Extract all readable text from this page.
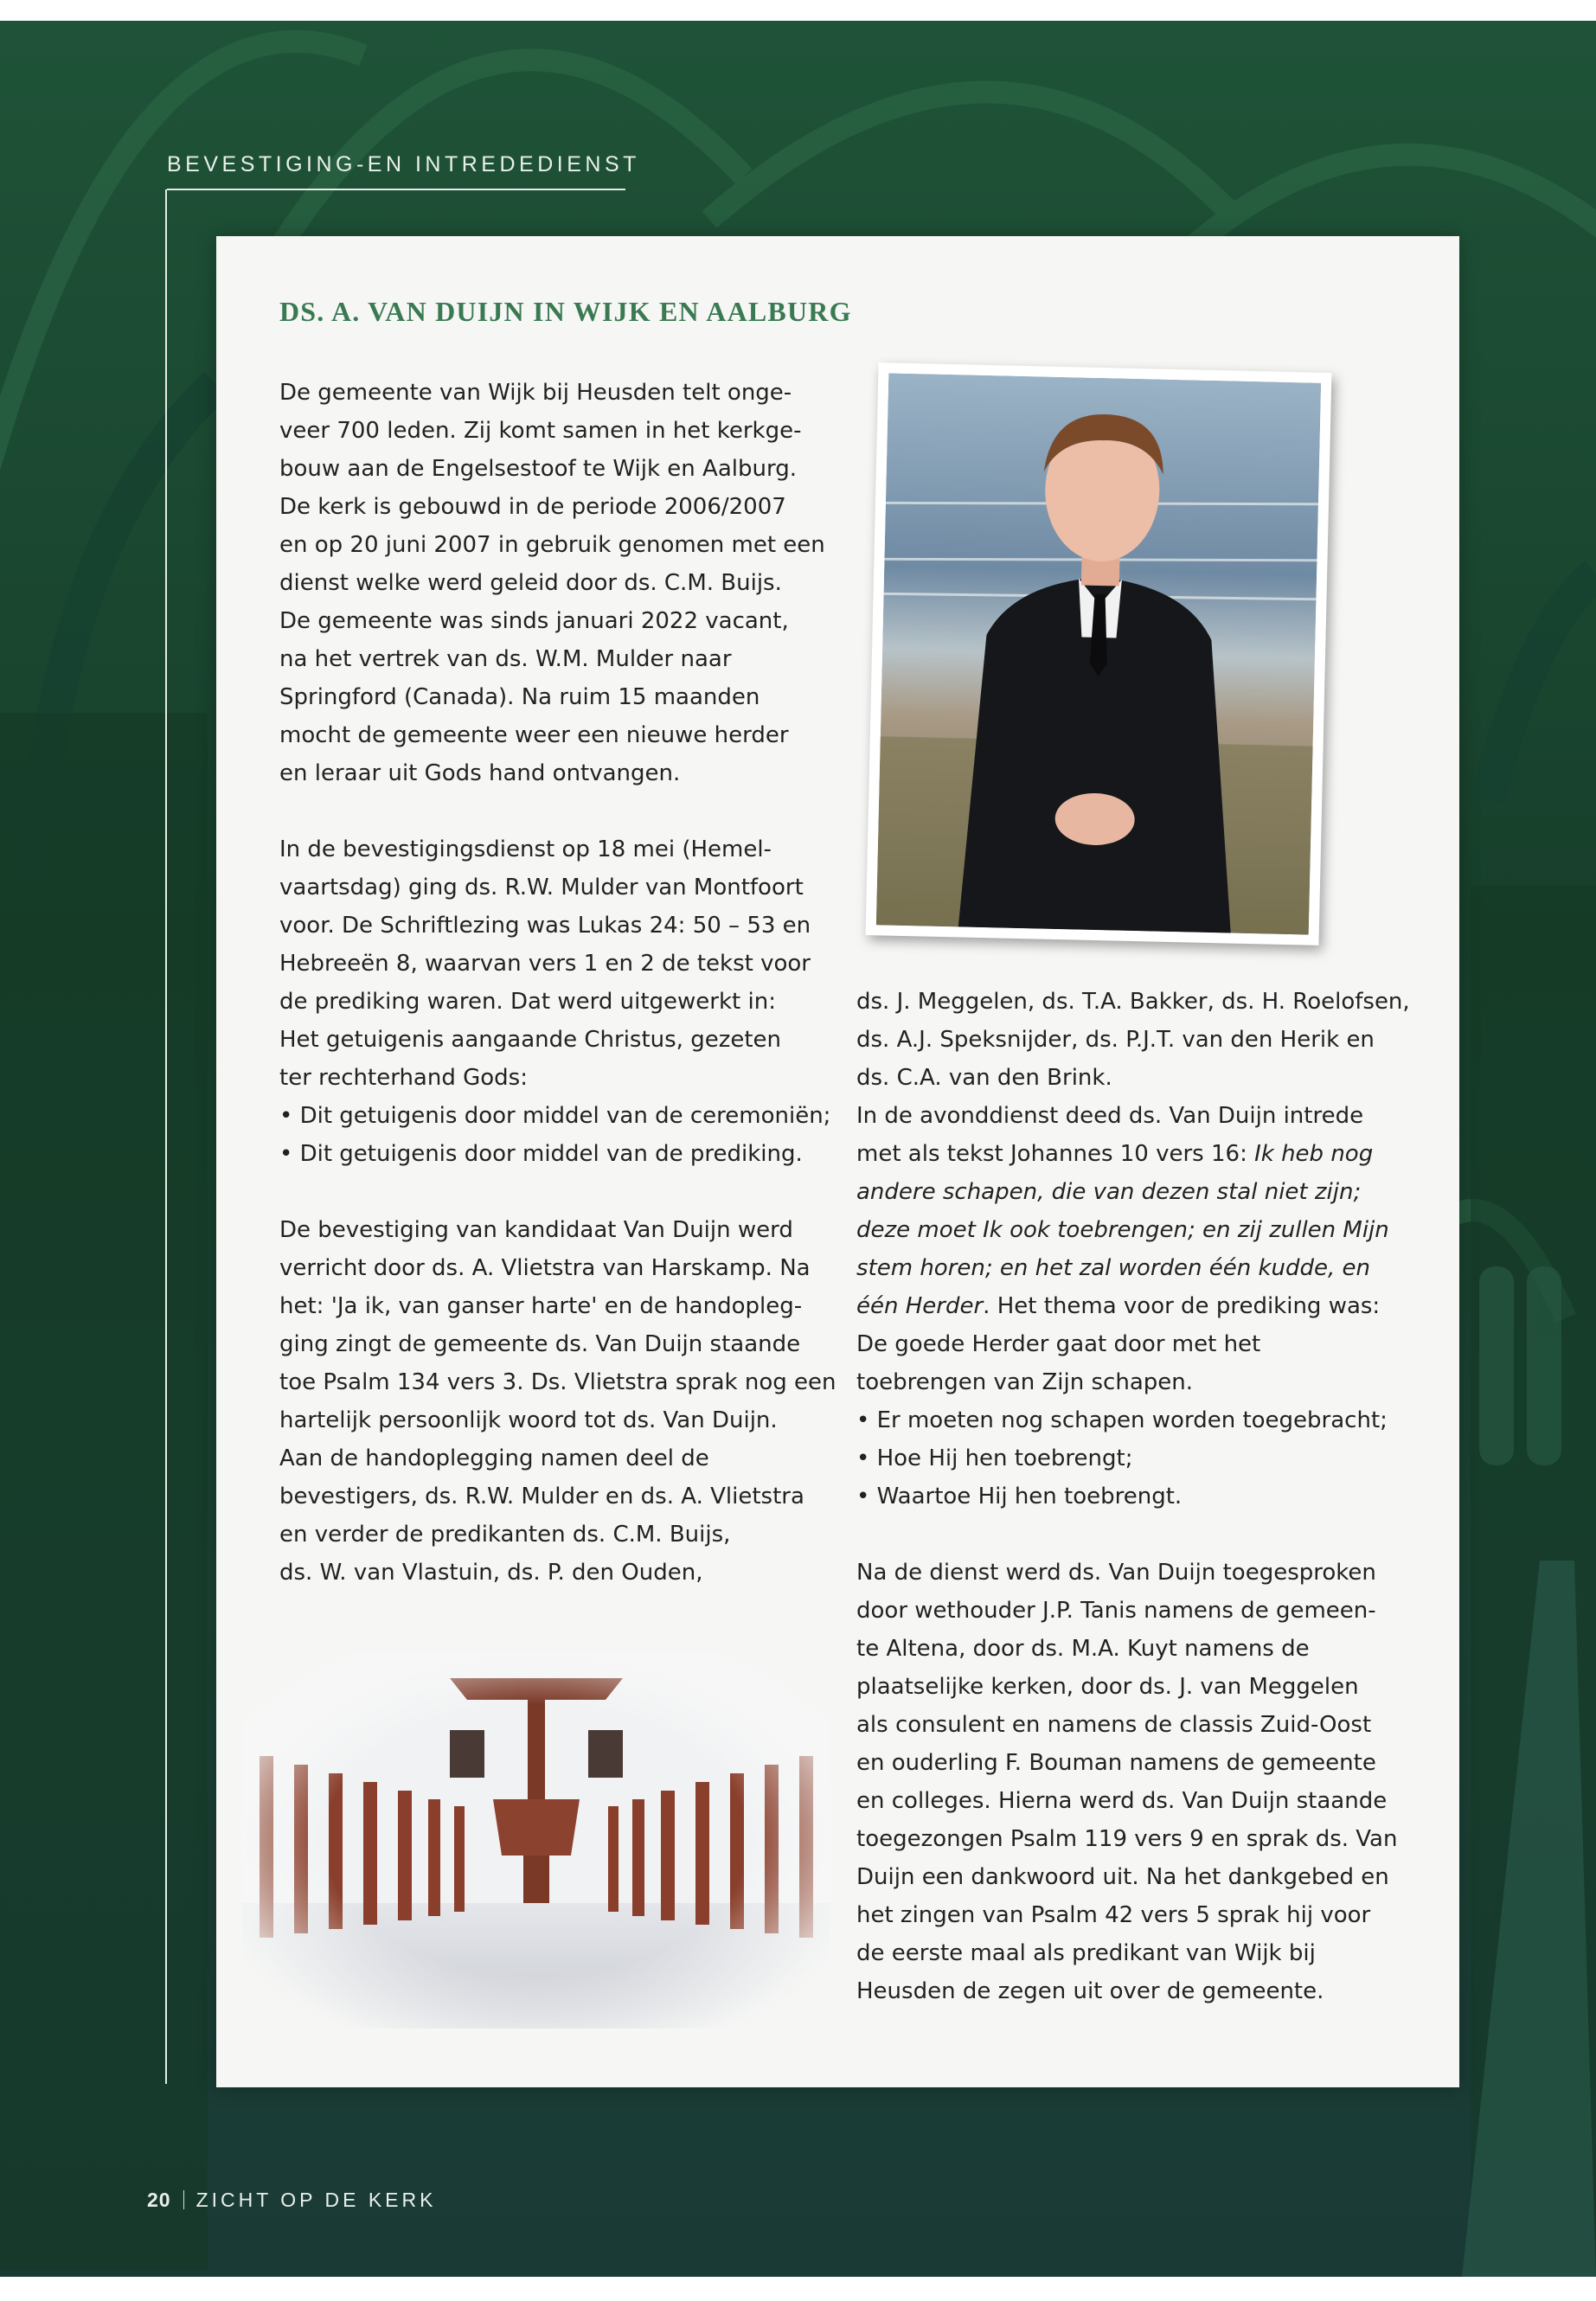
BEVESTIGING-EN INTREDEDIENST
DS. A. VAN DUIJN IN WIJK EN AALBURG

De gemeente van Wijk bij Heusden telt onge-

veer 700 leden. Zij komt samen in het kerkge-

bouw aan de Engelsestoof te Wijk en Aalburg.

De kerk is gebouwd in de periode 2006/2007

en op 20 juni 2007 in gebruik genomen met een

dienst welke werd geleid door ds. C.M. Buijs.

De gemeente was sinds januari 2022 vacant,

na het vertrek van ds. W.M. Mulder naar

Springford (Canada). Na ruim 15 maanden

mocht de gemeente weer een nieuwe herder

en leraar uit Gods hand ontvangen.

In de bevestigingsdienst op 18 mei (Hemel-

vaartsdag) ging ds. R.W. Mulder van Montfoort

voor. De Schriftlezing was Lukas 24: 50 – 53 en

Hebreeën 8, waarvan vers 1 en 2 de tekst voor

de prediking waren. Dat werd uitgewerkt in:

Het getuigenis aangaande Christus, gezeten

ter rechterhand Gods:

• Dit getuigenis door middel van de ceremoniën;

• Dit getuigenis door middel van de prediking.

De bevestiging van kandidaat Van Duijn werd

verricht door ds. A. Vlietstra van Harskamp. Na

het: 'Ja ik, van ganser harte' en de handopleg-

ging zingt de gemeente ds. Van Duijn staande

toe Psalm 134 vers 3. Ds. Vlietstra sprak nog een

hartelijk persoonlijk woord tot ds. Van Duijn.

Aan de handoplegging namen deel de

bevestigers, ds. R.W. Mulder en ds. A. Vlietstra

en verder de predikanten ds. C.M. Buijs,

ds. W. van Vlastuin, ds. P. den Ouden,

ds. J. Meggelen, ds. T.A. Bakker, ds. H. Roelofsen,

ds. A.J. Speksnijder, ds. P.J.T. van den Herik en

ds. C.A. van den Brink.

In de avonddienst deed ds. Van Duijn intrede

met als tekst Johannes 10 vers 16: Ik heb nog

andere schapen, die van dezen stal niet zijn;

deze moet Ik ook toebrengen; en zij zullen Mijn

stem horen; en het zal worden één kudde, en

één Herder. Het thema voor de prediking was:

De goede Herder gaat door met het

toebrengen van Zijn schapen.

• Er moeten nog schapen worden toegebracht;

• Hoe Hij hen toebrengt;

• Waartoe Hij hen toebrengt.

Na de dienst werd ds. Van Duijn toegesproken

door wethouder J.P. Tanis namens de gemeen-

te Altena, door ds. M.A. Kuyt namens de

plaatselijke kerken, door ds. J. van Meggelen

als consulent en namens de classis Zuid-Oost

en ouderling F. Bouman namens de gemeente

en colleges. Hierna werd ds. Van Duijn staande

toegezongen Psalm 119 vers 9 en sprak ds. Van

Duijn een dankwoord uit. Na het dankgebed en

het zingen van Psalm 42 vers 5 sprak hij voor

de eerste maal als predikant van Wijk bij

Heusden de zegen uit over de gemeente.

20 ZICHT OP DE KERK
